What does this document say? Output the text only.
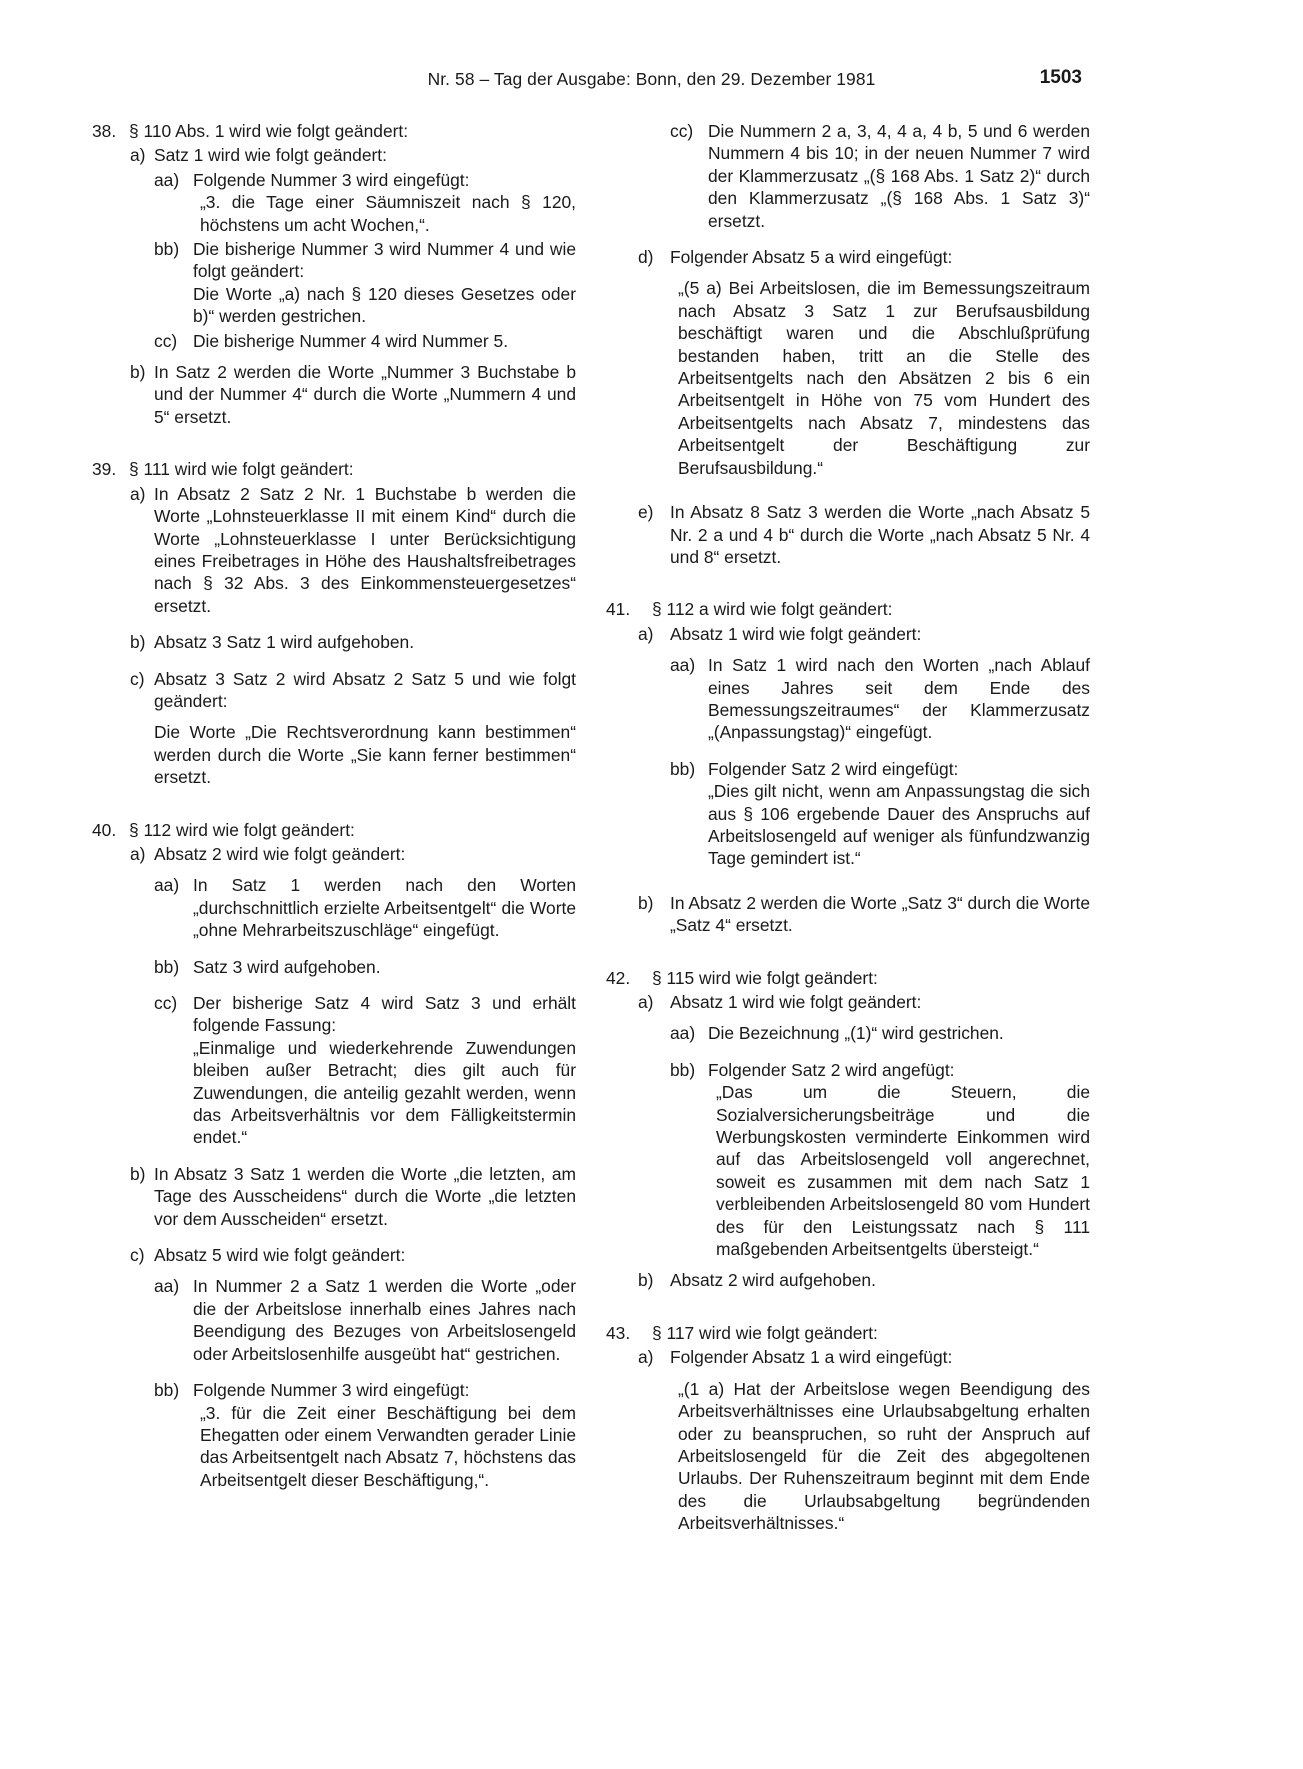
Nr. 58 – Tag der Ausgabe: Bonn, den 29. Dezember 1981	1503

38. § 110 Abs. 1 wird wie folgt geändert:

a) Satz 1 wird wie folgt geändert:

aa) Folgende Nummer 3 wird eingefügt:

„3. die Tage einer Säumniszeit nach § 120, höchstens um acht Wochen,“.

bb) Die bisherige Nummer 3 wird Nummer 4 und wie folgt geändert:

Die Worte „a) nach § 120 dieses Gesetzes oder b)“ werden gestrichen.

cc) Die bisherige Nummer 4 wird Nummer 5.

b) In Satz 2 werden die Worte „Nummer 3 Buchstabe b und der Nummer 4“ durch die Worte „Nummern 4 und 5“ ersetzt.

39. § 111 wird wie folgt geändert:

a) In Absatz 2 Satz 2 Nr. 1 Buchstabe b werden die Worte „Lohnsteuerklasse II mit einem Kind“ durch die Worte „Lohnsteuerklasse I unter Berücksichtigung eines Freibetrages in Höhe des Haushaltsfreibetrages nach § 32 Abs. 3 des Einkommensteuergesetzes“ ersetzt.

b) Absatz 3 Satz 1 wird aufgehoben.

c) Absatz 3 Satz 2 wird Absatz 2 Satz 5 und wie folgt geändert:

Die Worte „Die Rechtsverordnung kann bestimmen“ werden durch die Worte „Sie kann ferner bestimmen“ ersetzt.

40. § 112 wird wie folgt geändert:

a) Absatz 2 wird wie folgt geändert:

aa) In Satz 1 werden nach den Worten „durchschnittlich erzielte Arbeitsentgelt“ die Worte „ohne Mehrarbeitszuschläge“ eingefügt.

bb) Satz 3 wird aufgehoben.

cc) Der bisherige Satz 4 wird Satz 3 und erhält folgende Fassung:

„Einmalige und wiederkehrende Zuwendungen bleiben außer Betracht; dies gilt auch für Zuwendungen, die anteilig gezahlt werden, wenn das Arbeitsverhältnis vor dem Fälligkeitstermin endet.“

b) In Absatz 3 Satz 1 werden die Worte „die letzten, am Tage des Ausscheidens“ durch die Worte „die letzten vor dem Ausscheiden“ ersetzt.

c) Absatz 5 wird wie folgt geändert:

aa) In Nummer 2 a Satz 1 werden die Worte „oder die der Arbeitslose innerhalb eines Jahres nach Beendigung des Bezuges von Arbeitslosengeld oder Arbeitslosenhilfe ausgeübt hat“ gestrichen.

bb) Folgende Nummer 3 wird eingefügt:

„3. für die Zeit einer Beschäftigung bei dem Ehegatten oder einem Verwandten gerader Linie das Arbeitsentgelt nach Absatz 7, höchstens das Arbeitsentgelt dieser Beschäftigung,“.

cc) Die Nummern 2 a, 3, 4, 4 a, 4 b, 5 und 6 werden Nummern 4 bis 10; in der neuen Nummer 7 wird der Klammerzusatz „(§ 168 Abs. 1 Satz 2)“ durch den Klammerzusatz „(§ 168 Abs. 1 Satz 3)“ ersetzt.

d) Folgender Absatz 5 a wird eingefügt:

„(5 a) Bei Arbeitslosen, die im Bemessungszeitraum nach Absatz 3 Satz 1 zur Berufsausbildung beschäftigt waren und die Abschlußprüfung bestanden haben, tritt an die Stelle des Arbeitsentgelts nach den Absätzen 2 bis 6 ein Arbeitsentgelt in Höhe von 75 vom Hundert des Arbeitsentgelts nach Absatz 7, mindestens das Arbeitsentgelt der Beschäftigung zur Berufsausbildung.“

e) In Absatz 8 Satz 3 werden die Worte „nach Absatz 5 Nr. 2 a und 4 b“ durch die Worte „nach Absatz 5 Nr. 4 und 8“ ersetzt.

41. § 112 a wird wie folgt geändert:

a) Absatz 1 wird wie folgt geändert:

aa) In Satz 1 wird nach den Worten „nach Ablauf eines Jahres seit dem Ende des Bemessungszeitraumes“ der Klammerzusatz „(Anpassungstag)“ eingefügt.

bb) Folgender Satz 2 wird eingefügt:

„Dies gilt nicht, wenn am Anpassungstag die sich aus § 106 ergebende Dauer des Anspruchs auf Arbeitslosengeld auf weniger als fünfundzwanzig Tage gemindert ist.“

b) In Absatz 2 werden die Worte „Satz 3“ durch die Worte „Satz 4“ ersetzt.

42. § 115 wird wie folgt geändert:

a) Absatz 1 wird wie folgt geändert:

aa) Die Bezeichnung „(1)“ wird gestrichen.

bb) Folgender Satz 2 wird angefügt:

„Das um die Steuern, die Sozialversicherungsbeiträge und die Werbungskosten verminderte Einkommen wird auf das Arbeitslosengeld voll angerechnet, soweit es zusammen mit dem nach Satz 1 verbleibenden Arbeitslosengeld 80 vom Hundert des für den Leistungssatz nach § 111 maßgebenden Arbeitsentgelts übersteigt.“

b) Absatz 2 wird aufgehoben.

43. § 117 wird wie folgt geändert:

a) Folgender Absatz 1 a wird eingefügt:

„(1 a) Hat der Arbeitslose wegen Beendigung des Arbeitsverhältnisses eine Urlaubsabgeltung erhalten oder zu beanspruchen, so ruht der Anspruch auf Arbeitslosengeld für die Zeit des abgegoltenen Urlaubs. Der Ruhenszeitraum beginnt mit dem Ende des die Urlaubsabgeltung begründenden Arbeitsverhältnisses.“
